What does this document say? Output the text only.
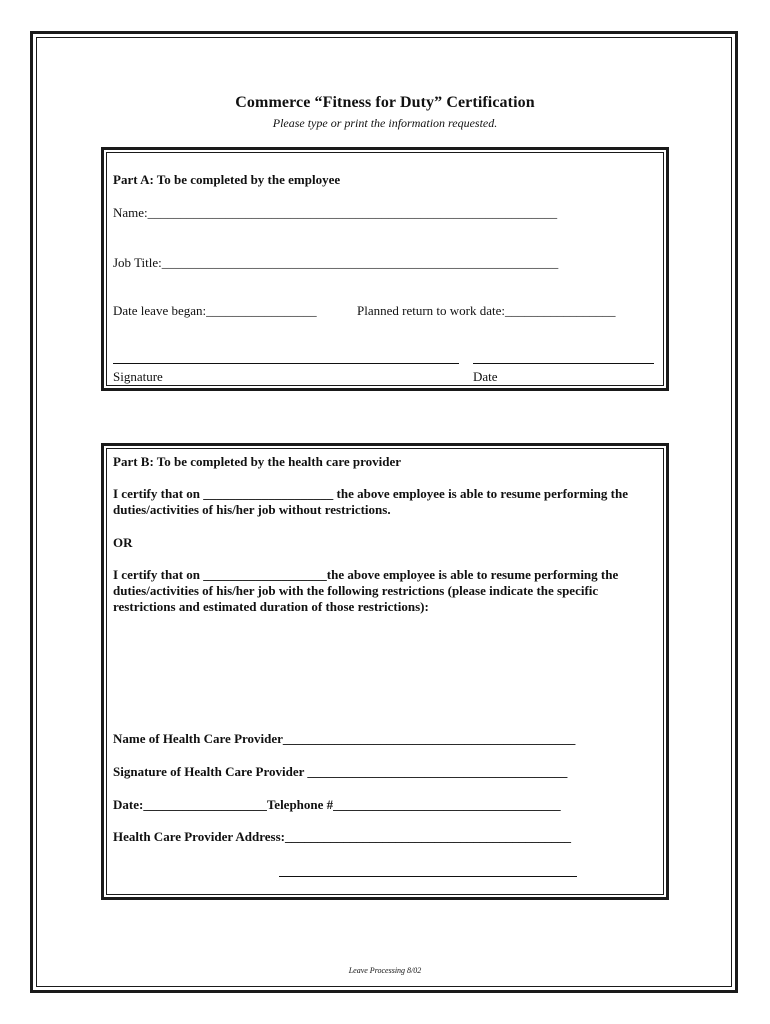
Commerce “Fitness for Duty” Certification
Please type or print the information requested.
Part A: To be completed by the employee
Name:_______________________________________________________________
Job Title:_____________________________________________________________
Date leave began:_________________	Planned return to work date:_________________
Signature	Date
Part B: To be completed by the health care provider
I certify that on ____________________ the above employee is able to resume performing the duties/activities of his/her job without restrictions.
OR
I certify that on ___________________the above employee is able to resume performing the duties/activities of his/her job with the following restrictions (please indicate the specific restrictions and estimated duration of those restrictions):
Name of Health Care Provider_____________________________________________
Signature of Health Care Provider ________________________________________
Date:___________________Telephone #___________________________________
Health Care Provider Address:____________________________________________
Leave Processing 8/02
